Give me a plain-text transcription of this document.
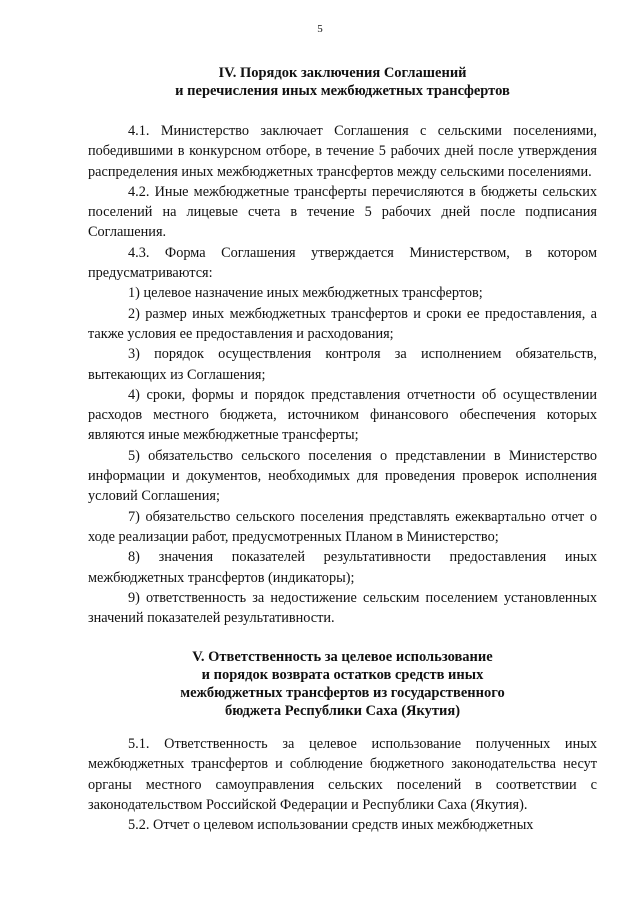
5
IV. Порядок заключения Соглашений
и перечисления иных межбюджетных трансфертов

4.1. Министерство заключает Соглашения с сельскими поселениями, победившими в конкурсном отборе, в течение 5 рабочих дней после утверждения распределения иных межбюджетных трансфертов между сельскими поселениями.

4.2. Иные межбюджетные трансферты перечисляются в бюджеты сельских поселений на лицевые счета в течение 5 рабочих дней после подписания Соглашения.

4.3. Форма Соглашения утверждается Министерством, в котором предусматриваются:

1) целевое назначение иных межбюджетных трансфертов;

2) размер иных межбюджетных трансфертов и сроки ее предоставления, а также условия ее предоставления и расходования;

3) порядок осуществления контроля за исполнением обязательств, вытекающих из Соглашения;

4) сроки, формы и порядок представления отчетности об осуществлении расходов местного бюджета, источником финансового обеспечения которых являются иные межбюджетные трансферты;

5) обязательство сельского поселения о представлении в Министерство информации и документов, необходимых для проведения проверок исполнения условий Соглашения;

7) обязательство сельского поселения представлять ежеквартально отчет о ходе реализации работ, предусмотренных Планом в Министерство;

8) значения показателей результативности предоставления иных межбюджетных трансфертов (индикаторы);

9) ответственность за недостижение сельским поселением установленных значений показателей результативности.

V. Ответственность за целевое использование
и порядок возврата остатков средств иных
межбюджетных трансфертов из государственного
бюджета Республики Саха (Якутия)

5.1. Ответственность за целевое использование полученных иных межбюджетных трансфертов и соблюдение бюджетного законодательства несут органы местного самоуправления сельских поселений в соответствии с законодательством Российской Федерации и Республики Саха (Якутия).

5.2. Отчет о целевом использовании средств иных межбюджетных
